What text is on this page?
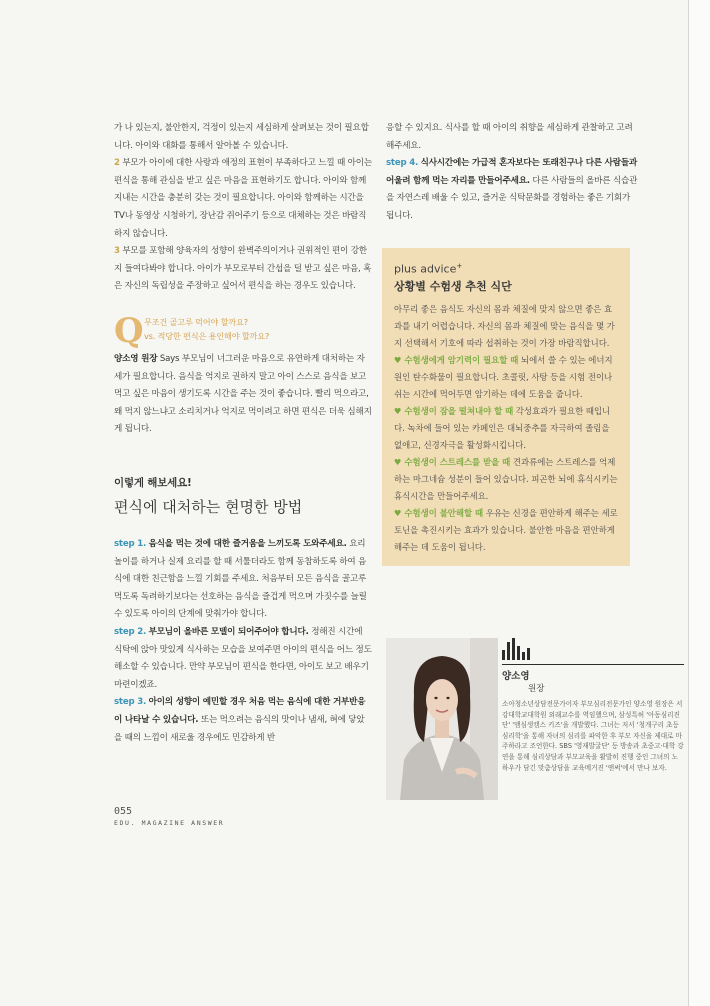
가 나 있는지, 불안한지, 걱정이 있는지 세심하게 살펴보는 것이 필요합니다. 아이와 대화를 통해서 알아볼 수 있습니다.

2 부모가 아이에 대한 사랑과 애정의 표현이 부족하다고 느낄 때 아이는 편식을 통해 관심을 받고 싶은 마음을 표현하기도 합니다. 아이와 함께 지내는 시간을 충분히 갖는 것이 필요합니다. 아이와 함께하는 시간을 TV나 동영상 시청하기, 장난감 쥐어주기 등으로 대체하는 것은 바람직하지 않습니다.

3 부모를 포함해 양육자의 성향이 완벽주의이거나 권위적인 편이 강한지 들여다봐야 합니다. 아이가 부모로부터 간섭을 덜 받고 싶은 마음, 혹은 자신의 독립성을 주장하고 싶어서 편식을 하는 경우도 있습니다.

Q 무조건 골고루 먹어야 할까요?
vs. 적당한 편식은 용인해야 할까요?

양소영 원장 Says 부모님이 너그러운 마음으로 유연하게 대처하는 자세가 필요합니다. 음식을 억지로 권하지 말고 아이 스스로 음식을 보고 먹고 싶은 마음이 생기도록 시간을 주는 것이 좋습니다. 빨리 먹으라고, 왜 먹지 않느냐고 소리치거나 억지로 먹이려고 하면 편식은 더욱 심해지게 됩니다.

이렇게 해보세요!
편식에 대처하는 현명한 방법

step 1. 음식을 먹는 것에 대한 즐거움을 느끼도록 도와주세요. 요리놀이를 하거나 실제 요리를 할 때 서툴더라도 함께 동참하도록 하여 음식에 대한 친근함을 느낄 기회를 주세요. 처음부터 모든 음식을 골고루 먹도록 독려하기보다는 선호하는 음식을 즐겁게 먹으며 가짓수를 늘릴 수 있도록 아이의 단계에 맞춰가야 합니다.

step 2. 부모님이 올바른 모델이 되어주어야 합니다. 정해진 시간에 식탁에 앉아 맛있게 식사하는 모습을 보여주면 아이의 편식을 어느 정도 해소할 수 있습니다. 만약 부모님이 편식을 한다면, 아이도 보고 배우기 마련이겠죠.

step 3. 아이의 성향이 예민할 경우 처음 먹는 음식에 대한 거부반응이 나타날 수 있습니다. 또는 먹으려는 음식의 맛이나 냄새, 혀에 닿았을 때의 느낌이 새로울 경우에도 민감하게 반

응할 수 있지요. 식사를 할 때 아이의 취향을 세심하게 관찰하고 고려해주세요.

step 4. 식사시간에는 가급적 혼자보다는 또래친구나 다른 사람들과 어울려 함께 먹는 자리를 만들어주세요. 다른 사람들의 올바른 식습관을 자연스레 배울 수 있고, 즐거운 식탁문화를 경험하는 좋은 기회가 됩니다.

plus advice+
상황별 수험생 추천 식단

아무리 좋은 음식도 자신의 몸과 체질에 맞지 않으면 좋은 효과를 내기 어렵습니다. 자신의 몸과 체질에 맞는 음식을 몇 가지 선택해서 기호에 따라 섭취하는 것이 가장 바람직합니다.

♥ 수험생에게 암기력이 필요할 때 뇌에서 쓸 수 있는 에너지원인 탄수화물이 필요합니다. 초콜릿, 사탕 등을 시험 전이나 쉬는 시간에 먹어두면 암기하는 데에 도움을 줍니다.

♥ 수험생이 잠을 떨쳐내야 할 때 각성효과가 필요한 때입니다. 녹차에 들어 있는 카페인은 대뇌중추를 자극하여 졸림을 없애고, 신경자극을 활성화시킵니다.

♥ 수험생이 스트레스를 받을 때 견과류에는 스트레스를 억제하는 마그네슘 성분이 들어 있습니다. 피곤한 뇌에 휴식시키는 휴식시간을 만들어주세요.

♥ 수험생이 불안해할 때 우유는 신경을 편안하게 해주는 세로토닌을 촉진시키는 효과가 있습니다. 불안한 마음을 편안하게 해주는 데 도움이 됩니다.

양소영
원장
소아청소년상담전문가이자 부모심리전문가인 양소영 원장은 서강대학교대학원 외래교수를 역임했으며, 삼성특허 '아동심리진단' '맴심생캠스 키즈'을 개발했다. 그녀는 저서 '청개구리 초등 심리학'을 통해 자녀의 심리를 파악한 후 부모 자신을 제대로 마주하라고 조언한다. SBS '영재발굴단' 등 방송과 초중고·대학 강연을 통해 심리상담과 부모교육을 활발히 진행 중인 그녀의 노하우가 담긴 맞춤상담을 교육메거진 '앤써'에서 만나 보자.
055
EDU. MAGAZINE ANSWER
